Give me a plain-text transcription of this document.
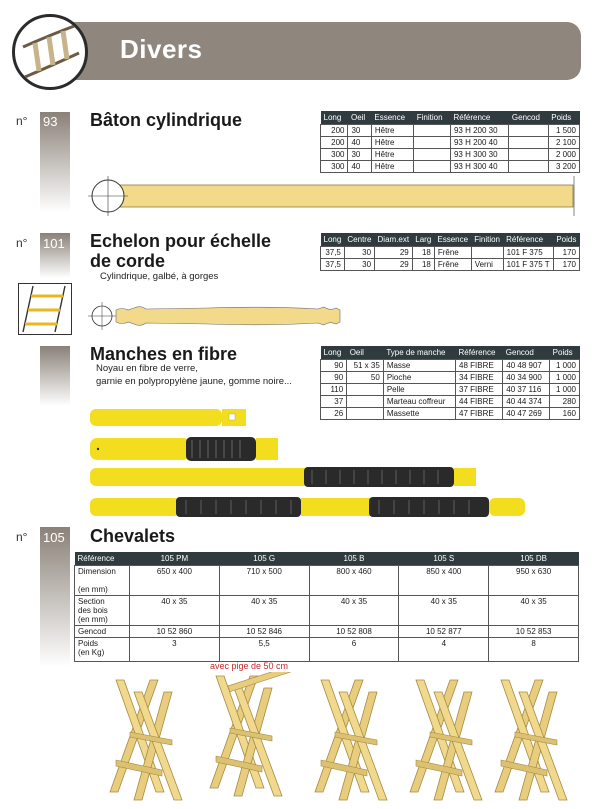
Divers
n° 93 Bâton cylindrique	Long	Oeil	Essence	Finition	Référence	Gencod	Poids
200	30	Hêtre		93 H 200 30		1 500
200	40	Hêtre		93 H 200 40		2 100
300	30	Hêtre		93 H 300 30		2 000
300	40	Hêtre		93 H 300 40		3 200
n° 101 Echelon pour échelle
de corde
Cylindrique, galbé, à gorges
Long	Centre	Diam.ext	Larg	Essence	Finition	Référence	Poids
37,5	30	29	18	Frêne		101 F 375	170
37,5	30	29	18	Frêne	Verni	101 F 375 T	170
Manches en fibre
Noyau en fibre de verre,
garnie en polypropylène jaune, gomme noire...
Long	Oeil	Type de manche	Référence	Gencod	Poids
90	51 x 35	Masse	48 FIBRE	40 48 907	1 000
90	50	Pioche	34 FIBRE	40 34 900	1 000
110		Pelle	37 FIBRE	40 37 116	1 000
37		Marteau coffreur	44 FIBRE	40 44 374	280
26		Massette	47 FIBRE	40 47 269	160
n° 105 Chevalets
Référence	105 PM	105 G	105 B	105 S	105 DB
Dimension

(en mm)	650 x 400	710 x 500	800 x 460	850 x 400	950 x 630
Section
des bois
(en mm)	40 x 35	40 x 35	40 x 35	40 x 35	40 x 35
Gencod	10 52 860	10 52 846	10 52 808	10 52 877	10 52 853
Poids
(en Kg)	3	5,5	6	4	8
avec pige de 50 cm
